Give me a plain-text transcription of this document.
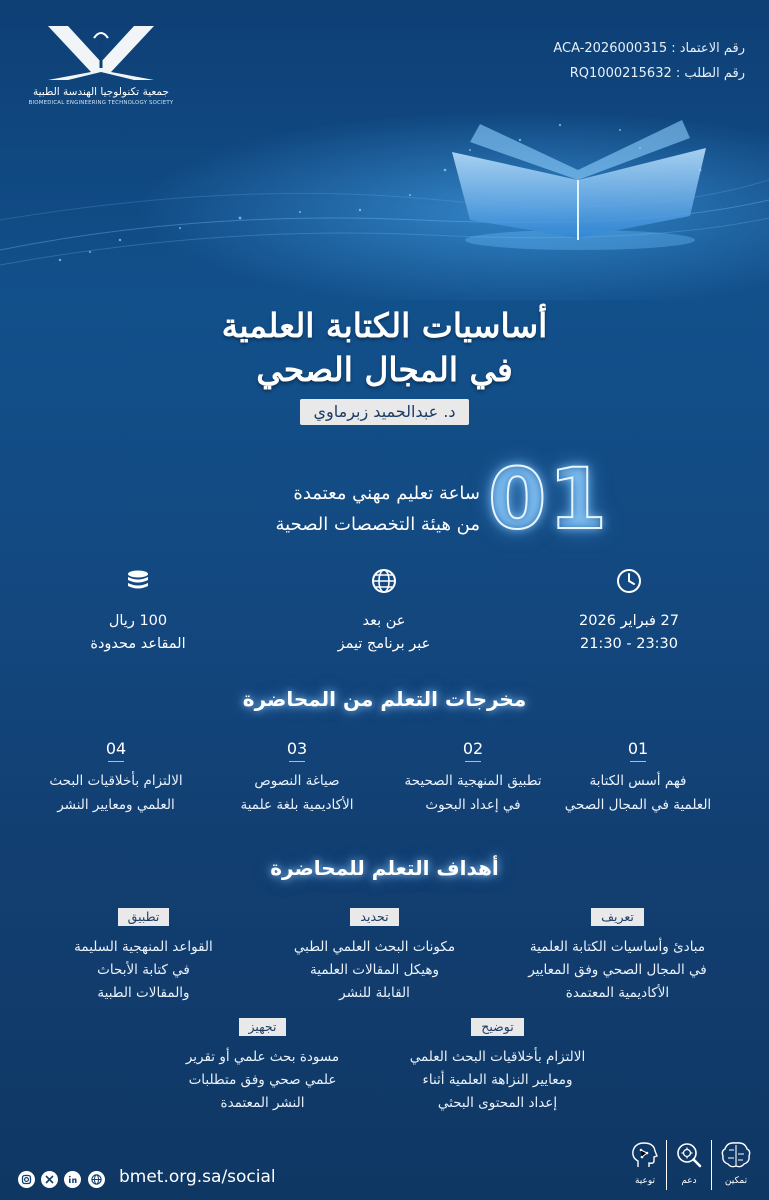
جمعية تكنولوجيا الهندسة الطبية
رقم الاعتماد : ACA-2026000315
رقم الطلب : RQ1000215632
أساسيات الكتابة العلمية
في المجال الصحي
د. عبدالحميد زبرماوي
01
ساعة تعليم مهني معتمدة
من هيئة التخصصات الصحية
27 فبراير 2026
21:30 - 23:30
عن بعد
عبر برنامج تيمز
100 ريال
المقاعد محدودة
مخرجات التعلم من المحاضرة
01
فهم أسس الكتابة
العلمية في المجال الصحي
02
تطبيق المنهجية الصحيحة
في إعداد البحوث
03
صياغة النصوص
الأكاديمية بلغة علمية
04
الالتزام بأخلاقيات البحث
العلمي ومعايير النشر
أهداف التعلم للمحاضرة
تعريف
مبادئ وأساسيات الكتابة العلمية
في المجال الصحي وفق المعايير
الأكاديمية المعتمدة
تحديد
مكونات البحث العلمي الطبي
وهيكل المقالات العلمية
القابلة للنشر
تطبيق
القواعد المنهجية السليمة
في كتابة الأبحاث
والمقالات الطبية
توضيح
الالتزام بأخلاقيات البحث العلمي
ومعايير النزاهة العلمية أثناء
إعداد المحتوى البحثي
تجهيز
مسودة بحث علمي أو تقرير
علمي صحي وفق متطلبات
النشر المعتمدة
bmet.org.sa/social	تمكين
دعم
توعية
